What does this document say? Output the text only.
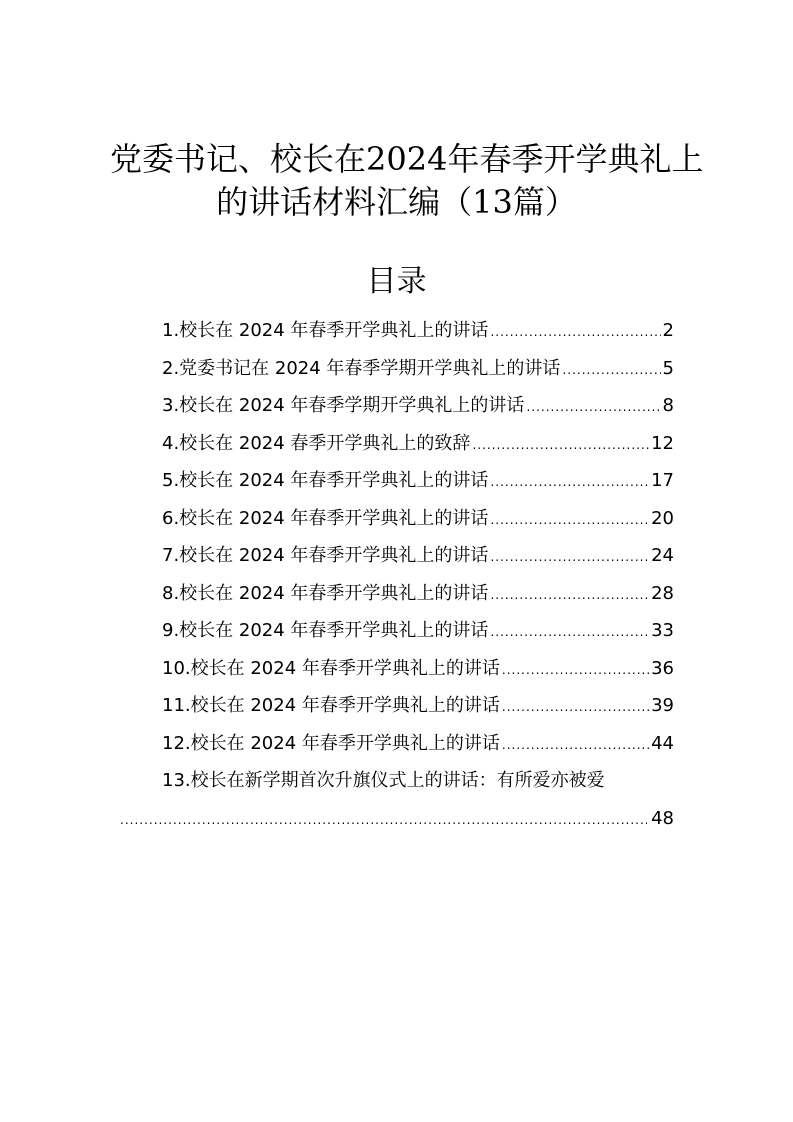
党委书记、校长在2024年春季开学典礼上
的讲话材料汇编（13篇）
目录
1.校长在 2024 年春季开学典礼上的讲话 .....	2
2.党委书记在 2024 年春季学期开学典礼上的讲话 .....	5
3.校长在 2024 年春季学期开学典礼上的讲话 .....	8
4.校长在 2024 春季开学典礼上的致辞 .....	12
5.校长在 2024 年春季开学典礼上的讲话 .....	17
6.校长在 2024 年春季开学典礼上的讲话 .....	20
7.校长在 2024 年春季开学典礼上的讲话 .....	24
8.校长在 2024 年春季开学典礼上的讲话 .....	28
9.校长在 2024 年春季开学典礼上的讲话 .....	33
10.校长在 2024 年春季开学典礼上的讲话 .....	36
11.校长在 2024 年春季开学典礼上的讲话 .....	39
12.校长在 2024 年春季开学典礼上的讲话 .....	44
13.校长在新学期首次升旗仪式上的讲话：有所爱亦被爱
.....
48
